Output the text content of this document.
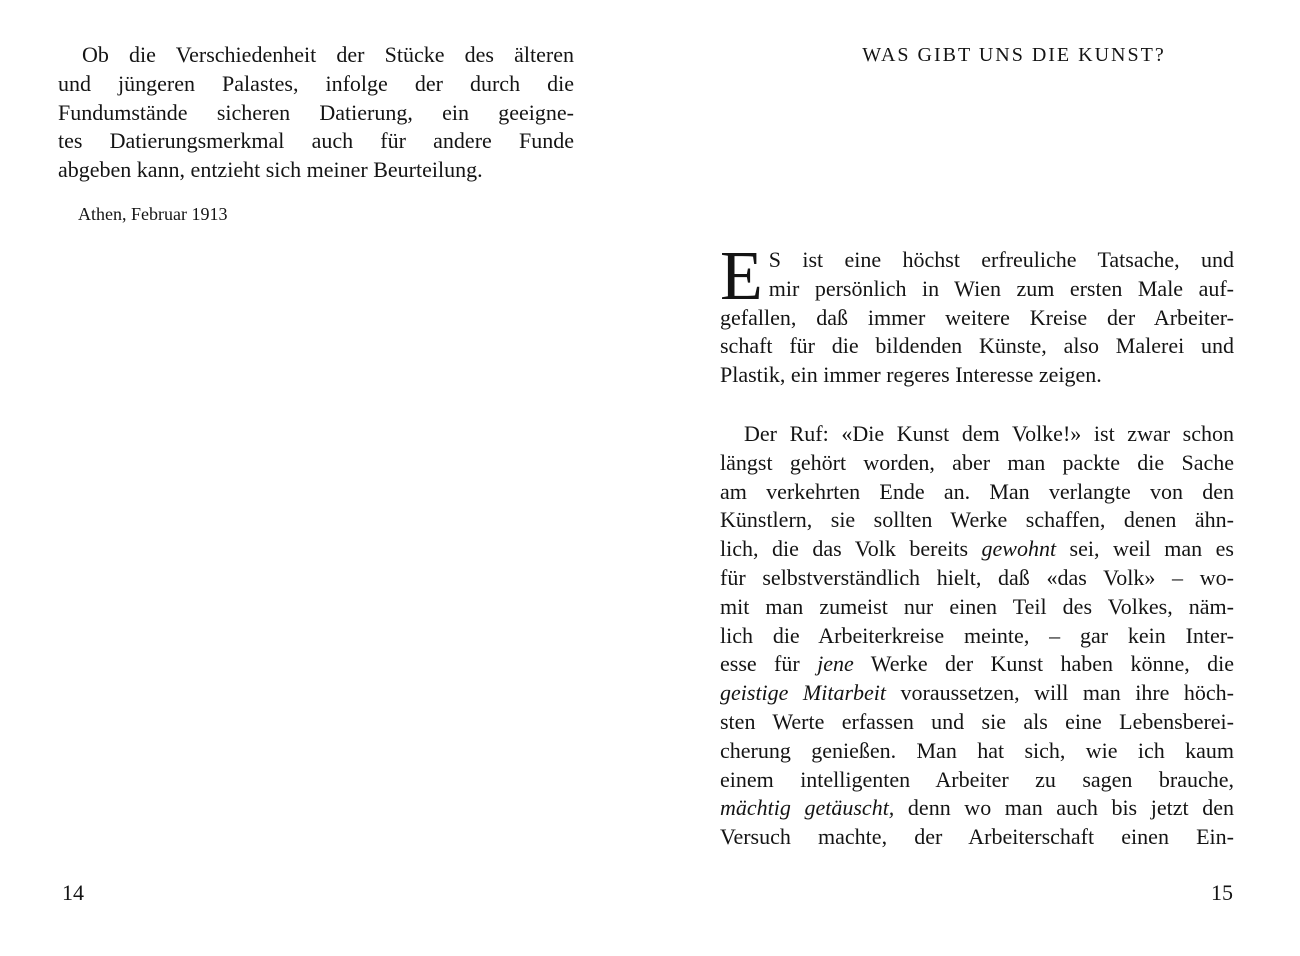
Ob die Verschiedenheit der Stücke des älteren
und jüngeren Palastes, infolge der durch die
Fundumstände sicheren Datierung, ein geeigne-
tes Datierungsmerkmal auch für andere Funde
abgeben kann, entzieht sich meiner Beurteilung.
Athen, Februar 1913
14
WAS GIBT UNS DIE KUNST?
E S ist eine höchst erfreuliche Tatsache, und
mir persönlich in Wien zum ersten Male auf-
gefallen, daß immer weitere Kreise der Arbeiter-
schaft für die bildenden Künste, also Malerei und
Plastik, ein immer regeres Interesse zeigen.
Der Ruf: «Die Kunst dem Volke!» ist zwar schon
längst gehört worden, aber man packte die Sache
am verkehrten Ende an. Man verlangte von den
Künstlern, sie sollten Werke schaffen, denen ähn-
lich, die das Volk bereits gewohnt sei, weil man es
für selbstverständlich hielt, daß «das Volk» – wo-
mit man zumeist nur einen Teil des Volkes, näm-
lich die Arbeiterkreise meinte, – gar kein Inter-
esse für jene Werke der Kunst haben könne, die
geistige Mitarbeit voraussetzen, will man ihre höch-
sten Werte erfassen und sie als eine Lebensberei-
cherung genießen. Man hat sich, wie ich kaum
einem intelligenten Arbeiter zu sagen brauche,
mächtig getäuscht, denn wo man auch bis jetzt den
Versuch machte, der Arbeiterschaft einen Ein-
15
